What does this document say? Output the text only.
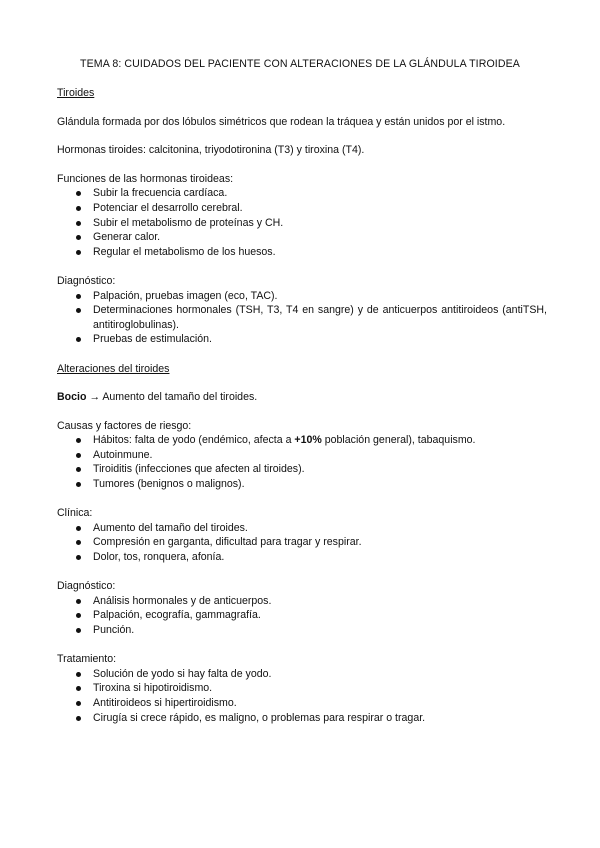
TEMA 8: CUIDADOS DEL PACIENTE CON ALTERACIONES DE LA GLÁNDULA TIROIDEA
Tiroides
Glándula formada por dos lóbulos simétricos que rodean la tráquea y están unidos por el istmo.
Hormonas tiroides: calcitonina, triyodotironina (T3) y tiroxina (T4).
Funciones de las hormonas tiroideas:
Subir la frecuencia cardíaca.
Potenciar el desarrollo cerebral.
Subir el metabolismo de proteínas y CH.
Generar calor.
Regular el metabolismo de los huesos.
Diagnóstico:
Palpación, pruebas imagen (eco, TAC).
Determinaciones hormonales (TSH, T3, T4 en sangre) y de anticuerpos antitiroideos (antiTSH, antitiroglobulinas).
Pruebas de estimulación.
Alteraciones del tiroides
Bocio → Aumento del tamaño del tiroides.
Causas y factores de riesgo:
Hábitos: falta de yodo (endémico, afecta a +10% población general), tabaquismo.
Autoinmune.
Tiroiditis (infecciones que afecten al tiroides).
Tumores (benignos o malignos).
Clínica:
Aumento del tamaño del tiroides.
Compresión en garganta, dificultad para tragar y respirar.
Dolor, tos, ronquera, afonía.
Diagnóstico:
Análisis hormonales y de anticuerpos.
Palpación, ecografía, gammagrafía.
Punción.
Tratamiento:
Solución de yodo si hay falta de yodo.
Tiroxina si hipotiroidismo.
Antitiroideos si hipertiroidismo.
Cirugía si crece rápido, es maligno, o problemas para respirar o tragar.
